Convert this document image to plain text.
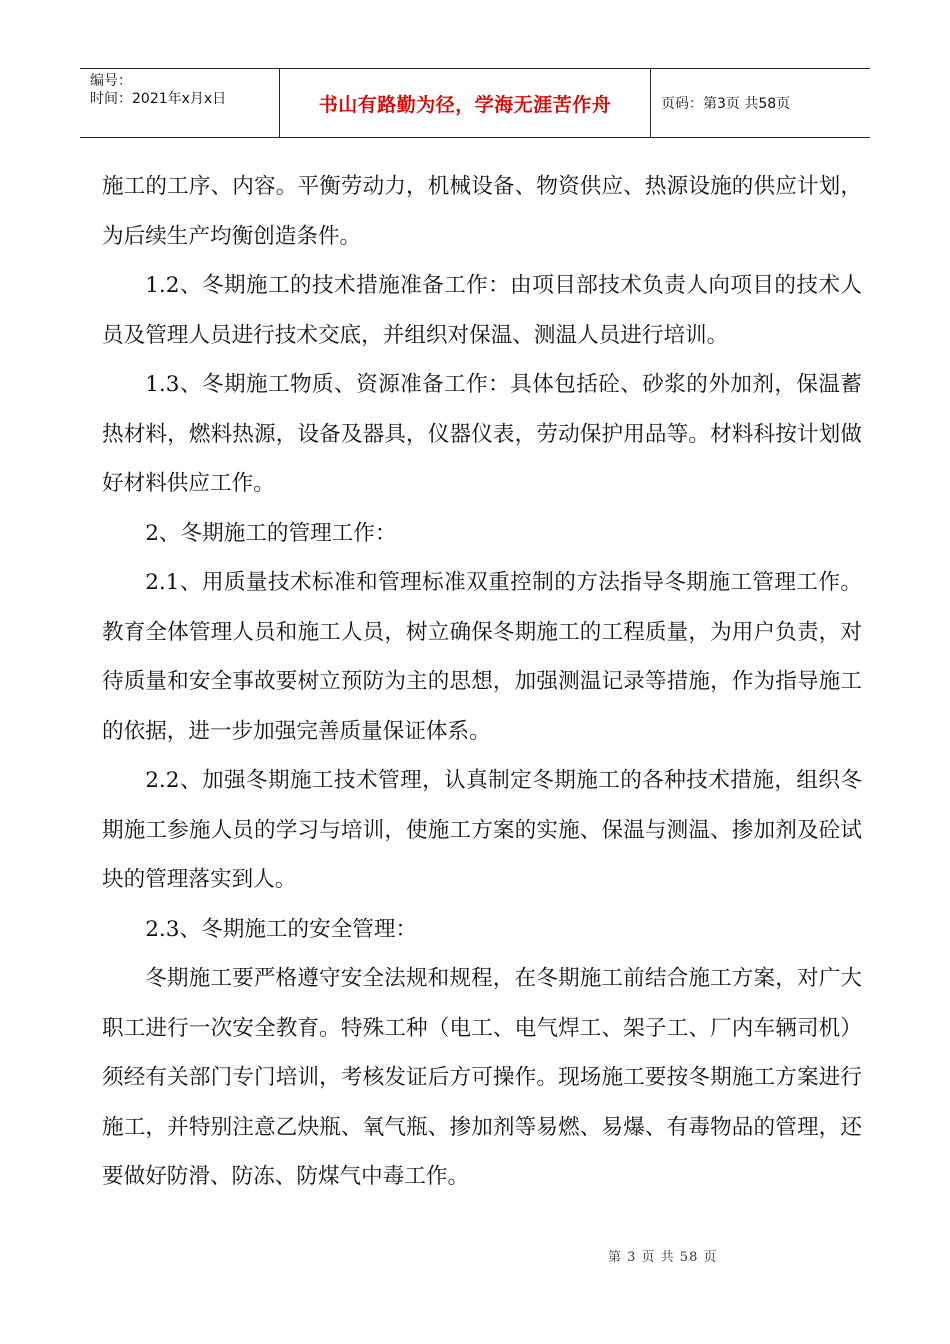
编号：
时间：2021年x月x日	书山有路勤为径，学海无涯苦作舟	页码：第3页 共58页

施工的工序、内容。平衡劳动力，机械设备、物资供应、热源设施的供应计划，为后续生产均衡创造条件。

1.2、冬期施工的技术措施准备工作：由项目部技术负责人向项目的技术人员及管理人员进行技术交底，并组织对保温、测温人员进行培训。

1.3、冬期施工物质、资源准备工作：具体包括砼、砂浆的外加剂，保温蓄热材料，燃料热源，设备及器具，仪器仪表，劳动保护用品等。材料科按计划做好材料供应工作。

2、冬期施工的管理工作：

2.1、用质量技术标准和管理标准双重控制的方法指导冬期施工管理工作。教育全体管理人员和施工人员，树立确保冬期施工的工程质量，为用户负责，对待质量和安全事故要树立预防为主的思想，加强测温记录等措施，作为指导施工的依据，进一步加强完善质量保证体系。

2.2、加强冬期施工技术管理，认真制定冬期施工的各种技术措施，组织冬期施工参施人员的学习与培训，使施工方案的实施、保温与测温、掺加剂及砼试块的管理落实到人。

2.3、冬期施工的安全管理：

冬期施工要严格遵守安全法规和规程，在冬期施工前结合施工方案，对广大职工进行一次安全教育。特殊工种（电工、电气焊工、架子工、厂内车辆司机）须经有关部门专门培训，考核发证后方可操作。现场施工要按冬期施工方案进行施工，并特别注意乙炔瓶、氧气瓶、掺加剂等易燃、易爆、有毒物品的管理，还要做好防滑、防冻、防煤气中毒工作。

第 3 页 共 58 页
